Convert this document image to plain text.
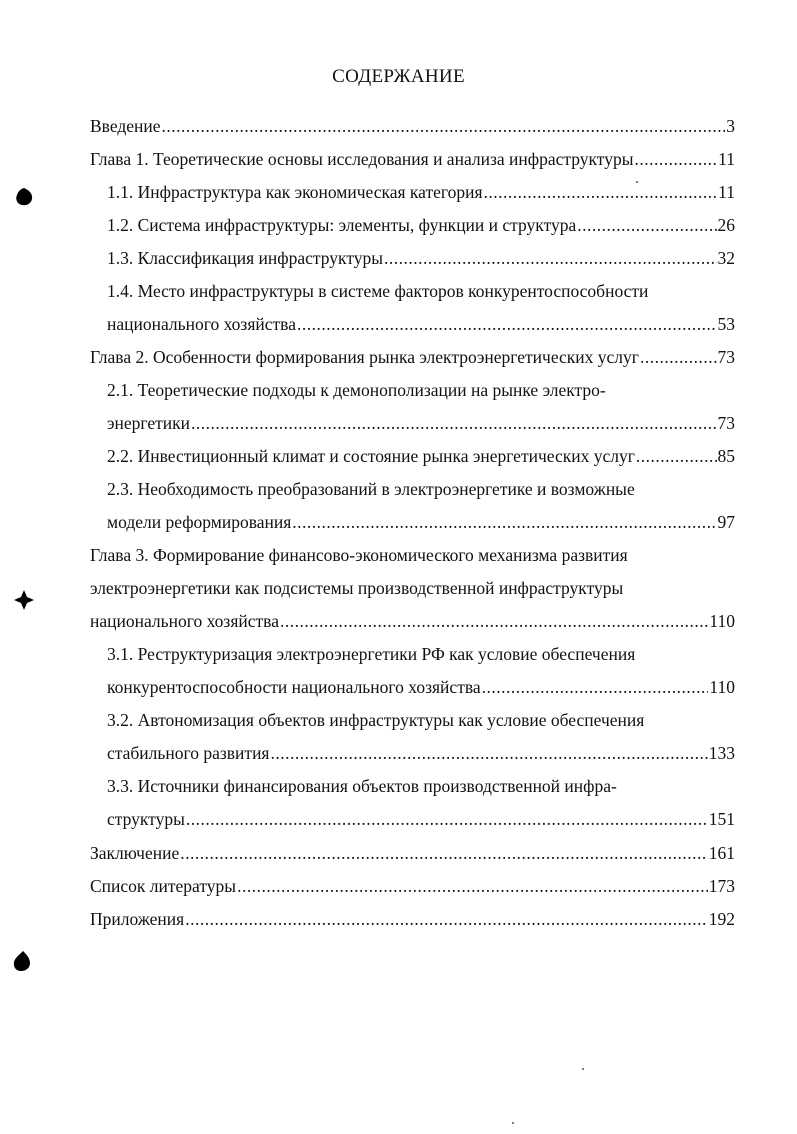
СОДЕРЖАНИЕ
Введение .....	3
Глава 1. Теоретические основы исследования и анализа инфраструктуры .....	11
1.1. Инфраструктура как экономическая категория .....	11
1.2. Система инфраструктуры: элементы, функции и структура .....	26
1.3. Классификация инфраструктуры .....	32
1.4. Место инфраструктуры в системе факторов конкурентоспособности
национального хозяйства .....	53
Глава 2. Особенности формирования рынка электроэнергетических услуг .....	73
2.1. Теоретические подходы к демонополизации на рынке электро-
энергетики .....	73
2.2. Инвестиционный климат и состояние рынка энергетических услуг .....	85
2.3. Необходимость преобразований в электроэнергетике и возможные
модели реформирования .....	97
Глава 3. Формирование финансово-экономического механизма развития
электроэнергетики как подсистемы производственной инфраструктуры
национального хозяйства .....	110
3.1. Реструктуризация электроэнергетики РФ как условие обеспечения
конкурентоспособности национального хозяйства .....	110
3.2. Автономизация объектов инфраструктуры как условие обеспечения
стабильного развития .....	133
3.3. Источники финансирования объектов производственной инфра-
структуры .....	151
Заключение .....	161
Список литературы .....	173
Приложения .....	192
